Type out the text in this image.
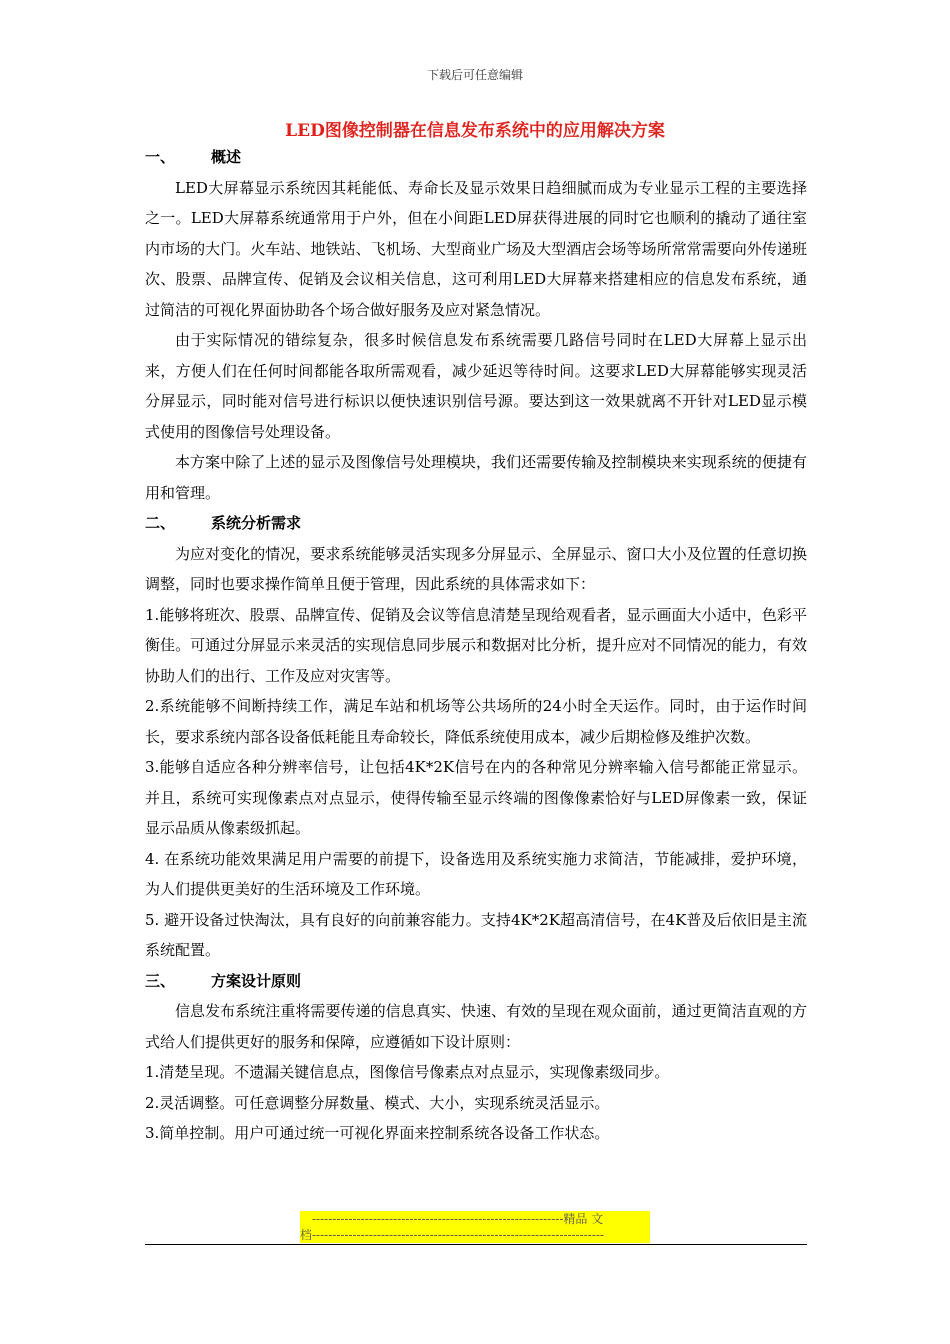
下载后可任意编辑
LED图像控制器在信息发布系统中的应用解决方案
一、 概述

LED大屏幕显示系统因其耗能低、寿命长及显示效果日趋细腻而成为专业显示工程的主要选择之一。LED大屏幕系统通常用于户外，但在小间距LED屏获得进展的同时它也顺利的撬动了通往室内市场的大门。火车站、地铁站、飞机场、大型商业广场及大型酒店会场等场所常常需要向外传递班次、股票、品牌宣传、促销及会议相关信息，这可利用LED大屏幕来搭建相应的信息发布系统，通过简洁的可视化界面协助各个场合做好服务及应对紧急情况。

由于实际情况的错综复杂，很多时候信息发布系统需要几路信号同时在LED大屏幕上显示出来，方便人们在任何时间都能各取所需观看，减少延迟等待时间。这要求LED大屏幕能够实现灵活分屏显示，同时能对信号进行标识以便快速识别信号源。要达到这一效果就离不开针对LED显示模式使用的图像信号处理设备。

本方案中除了上述的显示及图像信号处理模块，我们还需要传输及控制模块来实现系统的便捷有用和管理。

二、 系统分析需求

为应对变化的情况，要求系统能够灵活实现多分屏显示、全屏显示、窗口大小及位置的任意切换调整，同时也要求操作简单且便于管理，因此系统的具体需求如下：

1.能够将班次、股票、品牌宣传、促销及会议等信息清楚呈现给观看者，显示画面大小适中，色彩平衡佳。可通过分屏显示来灵活的实现信息同步展示和数据对比分析，提升应对不同情况的能力，有效协助人们的出行、工作及应对灾害等。

2.系统能够不间断持续工作，满足车站和机场等公共场所的24小时全天运作。同时，由于运作时间长，要求系统内部各设备低耗能且寿命较长，降低系统使用成本，减少后期检修及维护次数。

3.能够自适应各种分辨率信号，让包括4K*2K信号在内的各种常见分辨率输入信号都能正常显示。并且，系统可实现像素点对点显示，使得传输至显示终端的图像像素恰好与LED屏像素一致，保证显示品质从像素级抓起。

4. 在系统功能效果满足用户需要的前提下，设备选用及系统实施力求简洁，节能减排，爱护环境，为人们提供更美好的生活环境及工作环境。

5. 避开设备过快淘汰，具有良好的向前兼容能力。支持4K*2K超高清信号，在4K普及后依旧是主流系统配置。

三、 方案设计原则

信息发布系统注重将需要传递的信息真实、快速、有效的呈现在观众面前，通过更简洁直观的方式给人们提供更好的服务和保障，应遵循如下设计原则：

1.清楚呈现。不遗漏关键信息点，图像信号像素点对点显示，实现像素级同步。

2.灵活调整。可任意调整分屏数量、模式、大小，实现系统灵活显示。

3.简单控制。用户可通过统一可视化界面来控制系统各设备工作状态。

--------------------------------------------------------------精品 文
档------------------------------------------------------------------------
